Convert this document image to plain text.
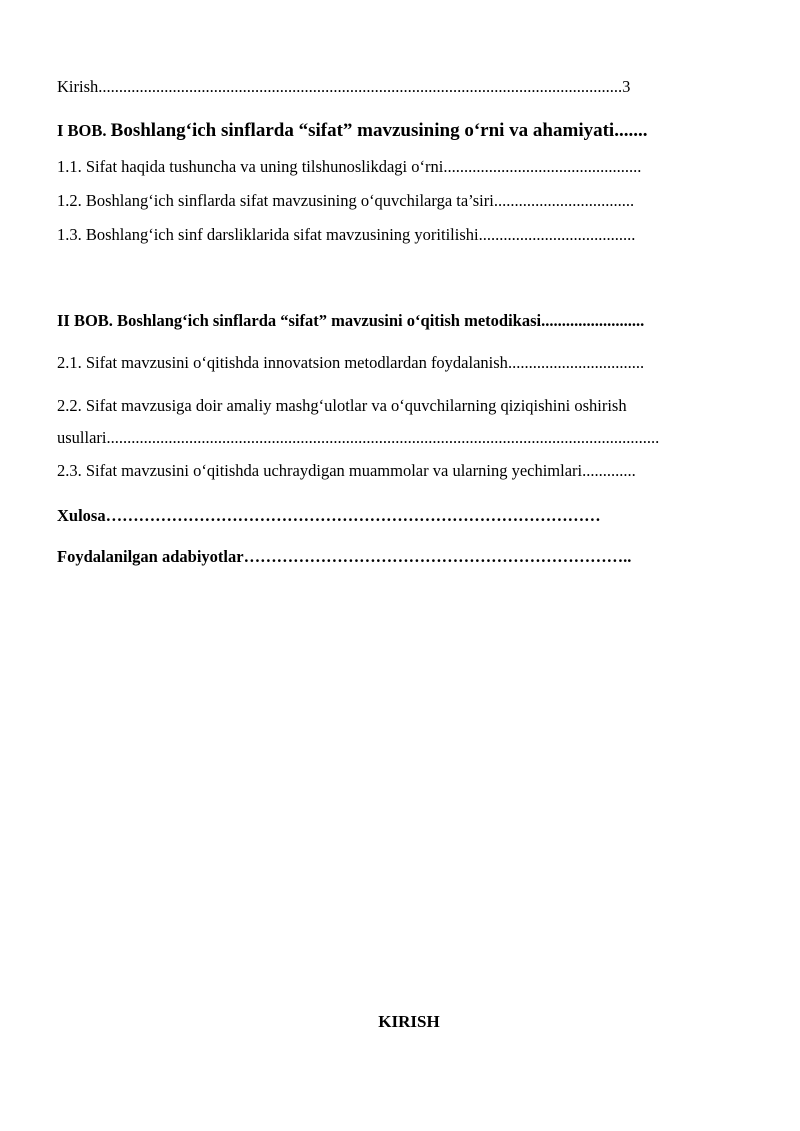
Kirish...............................................................................................................................3
I BOB. Boshlang‘ich sinflarda “sifat” mavzusining o‘rni va ahamiyati.......
1.1. Sifat haqida tushuncha va uning tilshunoslikdagi o‘rni................................................
1.2. Boshlang‘ich sinflarda sifat mavzusining o‘quvchilarga ta’siri..................................
1.3. Boshlang‘ich sinf darsliklarida sifat mavzusining yoritilishi......................................
II BOB. Boshlang‘ich sinflarda “sifat” mavzusini o‘qitish metodikasi.........................
2.1. Sifat mavzusini o‘qitishda innovatsion metodlardan foydalanish.................................
2.2. Sifat mavzusiga doir amaliy mashg‘ulotlar va o‘quvchilarning qiziqishini oshirish
usullari......................................................................................................................................
2.3. Sifat mavzusini o‘qitishda uchraydigan muammolar va ularning yechimlari.............
Xulosa………………………………………………………………………………
Foydalanilgan adabiyotlar……………………………………………………………..
KIRISH
